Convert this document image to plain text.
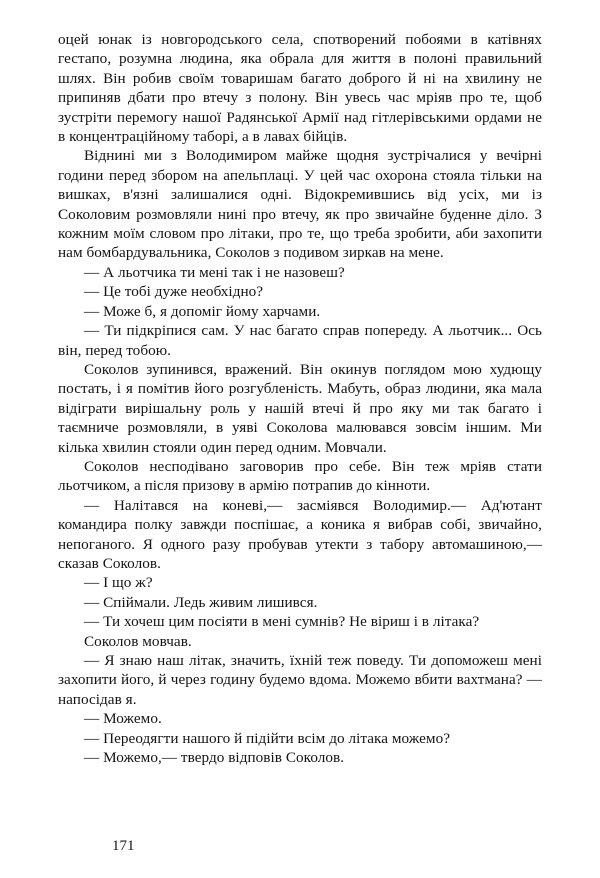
оцей юнак із новгородського села, спотворений побоями в катівнях гестапо, розумна людина, яка обрала для життя в полоні правильний шлях. Він робив своїм товаришам багато доброго й ні на хвилину не припиняв дбати про втечу з полону. Він увесь час мріяв про те, щоб зустріти перемогу нашої Радянської Армії над гітлерівськими ордами не в концентраційному таборі, а в лавах бійців.

Віднині ми з Володимиром майже щодня зустрічалися у вечірні години перед збором на апельплаці. У цей час охорона стояла тільки на вишках, в'язні залишалися одні. Відокремившись від усіх, ми із Соколовим розмовляли нині про втечу, як про звичайне буденне діло. З кожним моїм словом про літаки, про те, що треба зробити, аби захопити нам бомбардувальника, Соколов з подивом зиркав на мене.

— А льотчика ти мені так і не назовеш?

— Це тобі дуже необхідно?

— Може б, я допоміг йому харчами.

— Ти підкріпися сам. У нас багато справ попереду. А льотчик... Ось він, перед тобою.

Соколов зупинився, вражений. Він окинув поглядом мою худющу постать, і я помітив його розгубленість. Мабуть, образ людини, яка мала відіграти вирішальну роль у нашій втечі й про яку ми так багато і таємниче розмовляли, в уяві Соколова малювався зовсім іншим. Ми кілька хвилин стояли один перед одним. Мовчали.

Соколов несподівано заговорив про себе. Він теж мріяв стати льотчиком, а після призову в армію потрапив до кінноти.

— Налітався на коневі,— засміявся Володимир.— Ад'ютант командира полку завжди поспішає, а коника я вибрав собі, звичайно, непоганого. Я одного разу пробував утекти з табору автомашиною,— сказав Соколов.

— І що ж?

— Спіймали. Ледь живим лишився.

— Ти хочеш цим посіяти в мені сумнів? Не віриш і в літака?

Соколов мовчав.

— Я знаю наш літак, значить, їхній теж поведу. Ти допоможеш мені захопити його, й через годину будемо вдома. Можемо вбити вахтмана? — напосідав я.

— Можемо.

— Переодягти нашого й підійти всім до літака можемо?

— Можемо,— твердо відповів Соколов.

171
